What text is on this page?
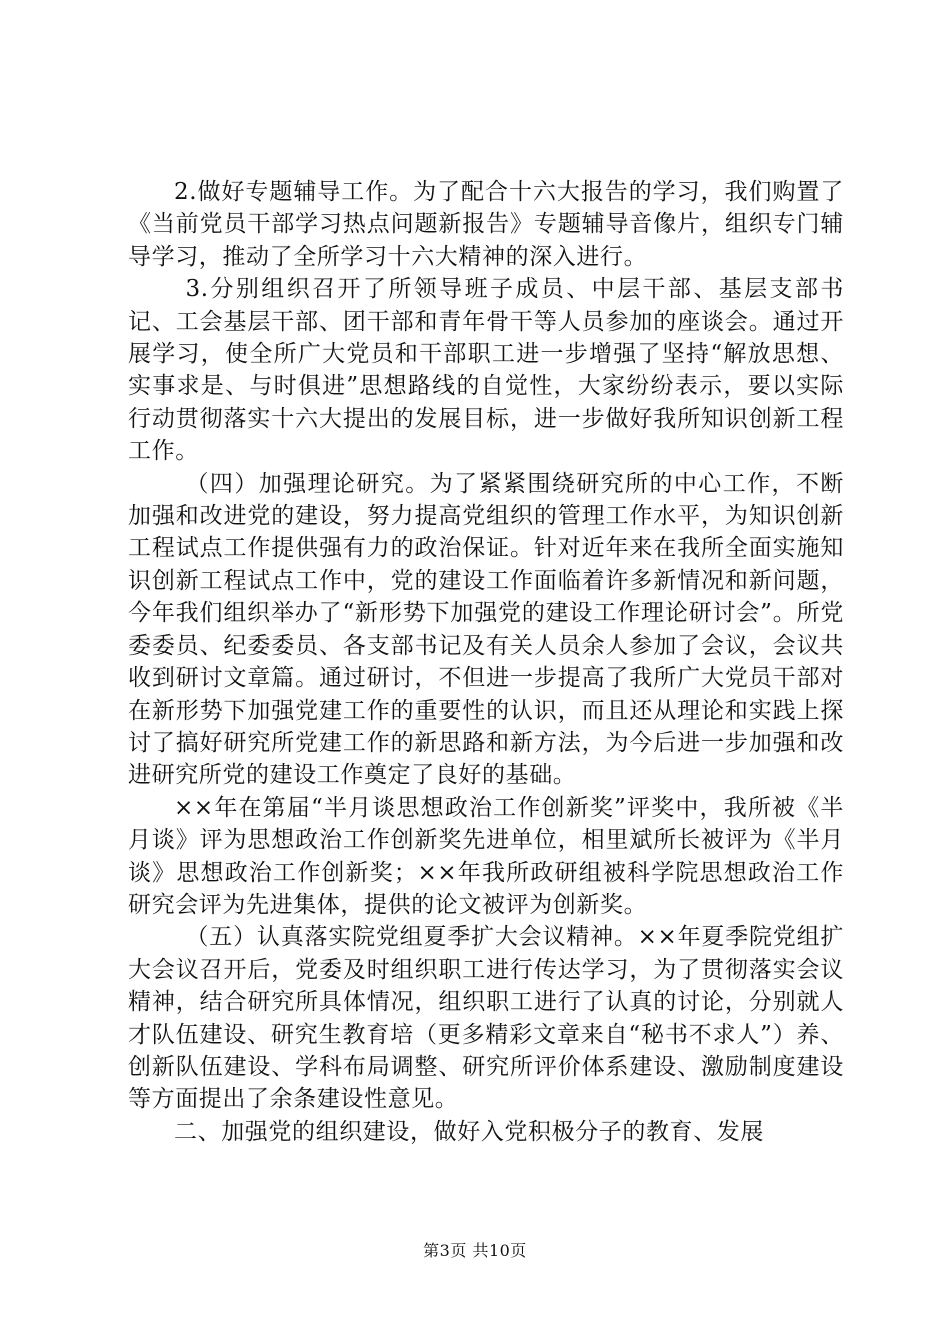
2.做好专题辅导工作。为了配合十六大报告的学习，我们购置了《当前党员干部学习热点问题新报告》专题辅导音像片，组织专门辅导学习，推动了全所学习十六大精神的深入进行。

3.分别组织召开了所领导班子成员、中层干部、基层支部书记、工会基层干部、团干部和青年骨干等人员参加的座谈会。通过开展学习，使全所广大党员和干部职工进一步增强了坚持“解放思想、实事求是、与时俱进”思想路线的自觉性，大家纷纷表示，要以实际行动贯彻落实十六大提出的发展目标，进一步做好我所知识创新工程工作。

（四）加强理论研究。为了紧紧围绕研究所的中心工作，不断加强和改进党的建设，努力提高党组织的管理工作水平，为知识创新工程试点工作提供强有力的政治保证。针对近年来在我所全面实施知识创新工程试点工作中，党的建设工作面临着许多新情况和新问题，今年我们组织举办了“新形势下加强党的建设工作理论研讨会”。所党委委员、纪委委员、各支部书记及有关人员余人参加了会议，会议共收到研讨文章篇。通过研讨，不但进一步提高了我所广大党员干部对在新形势下加强党建工作的重要性的认识，而且还从理论和实践上探讨了搞好研究所党建工作的新思路和新方法，为今后进一步加强和改进研究所党的建设工作奠定了良好的基础。

××年在第届“半月谈思想政治工作创新奖”评奖中，我所被《半月谈》评为思想政治工作创新奖先进单位，相里斌所长被评为《半月谈》思想政治工作创新奖；××年我所政研组被科学院思想政治工作研究会评为先进集体，提供的论文被评为创新奖。

（五）认真落实院党组夏季扩大会议精神。××年夏季院党组扩大会议召开后，党委及时组织职工进行传达学习，为了贯彻落实会议精神，结合研究所具体情况，组织职工进行了认真的讨论，分别就人才队伍建设、研究生教育培（更多精彩文章来自“秘书不求人”）养、创新队伍建设、学科布局调整、研究所评价体系建设、激励制度建设等方面提出了余条建设性意见。

二、加强党的组织建设，做好入党积极分子的教育、发展

第3页 共10页
